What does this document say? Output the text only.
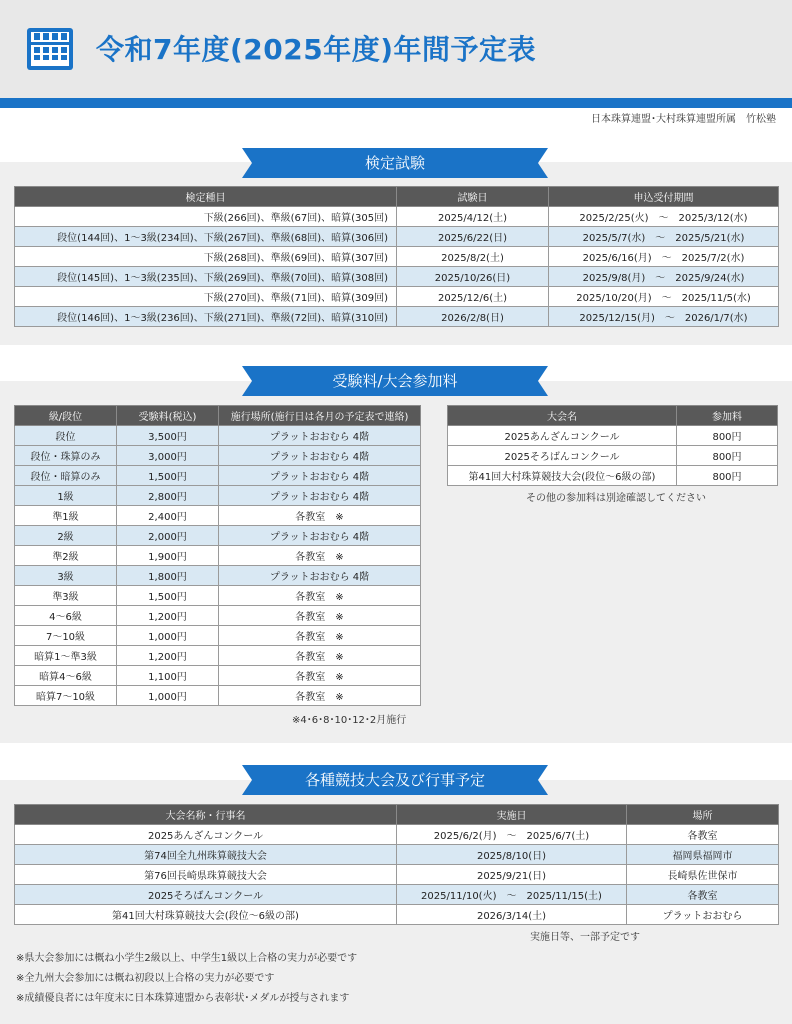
令和7年度(2025年度)年間予定表
日本珠算連盟･大村珠算連盟所属　竹松塾
検定試験
検定種目	試験日	申込受付期間
下級(266回)、準級(67回)、暗算(305回)	2025/4/12(土)	2025/2/25(火)　～　2025/3/12(水)
段位(144回)、1～3級(234回)、下級(267回)、準級(68回)、暗算(306回)	2025/6/22(日)	2025/5/7(水)　～　2025/5/21(水)
下級(268回)、準級(69回)、暗算(307回)	2025/8/2(土)	2025/6/16(月)　～　2025/7/2(水)
段位(145回)、1～3級(235回)、下級(269回)、準級(70回)、暗算(308回)	2025/10/26(日)	2025/9/8(月)　～　2025/9/24(水)
下級(270回)、準級(71回)、暗算(309回)	2025/12/6(土)	2025/10/20(月)　～　2025/11/5(水)
段位(146回)、1～3級(236回)、下級(271回)、準級(72回)、暗算(310回)	2026/2/8(日)	2025/12/15(月)　～　2026/1/7(水)
受験料/大会参加料
級/段位	受験料(税込)	施行場所(施行日は各月の予定表で連絡)
段位	3,500円	プラットおおむら 4階
段位・珠算のみ	3,000円	プラットおおむら 4階
段位・暗算のみ	1,500円	プラットおおむら 4階
1級	2,800円	プラットおおむら 4階
準1級	2,400円	各教室　※
2級	2,000円	プラットおおむら 4階
準2級	1,900円	各教室　※
3級	1,800円	プラットおおむら 4階
準3級	1,500円	各教室　※
4～6級	1,200円	各教室　※
7～10級	1,000円	各教室　※
暗算1～準3級	1,200円	各教室　※
暗算4～6級	1,100円	各教室　※
暗算7～10級	1,000円	各教室　※
※4･6･8･10･12･2月施行
大会名	参加料
2025あんざんコンクール	800円
2025そろばんコンクール	800円
第41回大村珠算競技大会(段位～6級の部)	800円
その他の参加料は別途確認してください
各種競技大会及び行事予定
大会名称・行事名	実施日	場所
2025あんざんコンクール	2025/6/2(月)　～　2025/6/7(土)	各教室
第74回全九州珠算競技大会	2025/8/10(日)	福岡県福岡市
第76回長崎県珠算競技大会	2025/9/21(日)	長崎県佐世保市
2025そろばんコンクール	2025/11/10(火)　～　2025/11/15(土)	各教室
第41回大村珠算競技大会(段位～6級の部)	2026/3/14(土)	プラットおおむら
実施日等、一部予定です
※県大会参加には概ね小学生2級以上、中学生1級以上合格の実力が必要です
※全九州大会参加には概ね初段以上合格の実力が必要です
※成績優良者には年度末に日本珠算連盟から表彰状･メダルが授与されます
